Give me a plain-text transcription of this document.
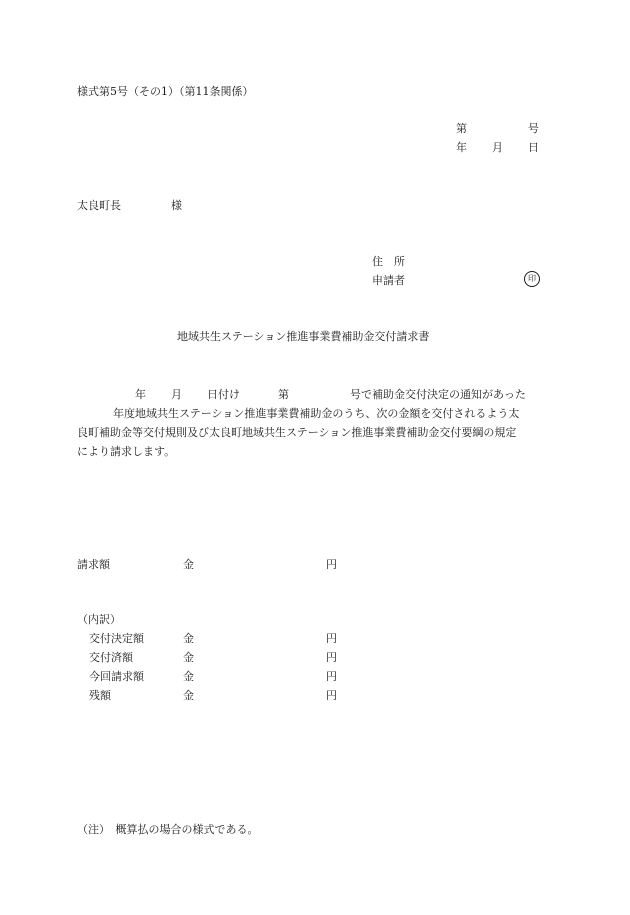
様式第5号（その1）（第11条関係）
第	号
年 月 日
太良町長	様
住　所
申請者	印
地域共生ステーション推進事業費補助金交付請求書
年 月 日付け	第	号で補助金交付決定の通知があった
年度地域共生ステーション推進事業費補助金のうち、次の金額を交付されるよう太
良町補助金等交付規則及び太良町地域共生ステーション推進事業費補助金交付要綱の規定
により請求します。
請求額	金	円
（内訳）
交付決定額	金	円
交付済額	金	円
今回請求額	金	円
残額	金	円
（注）　概算払の場合の様式である。
